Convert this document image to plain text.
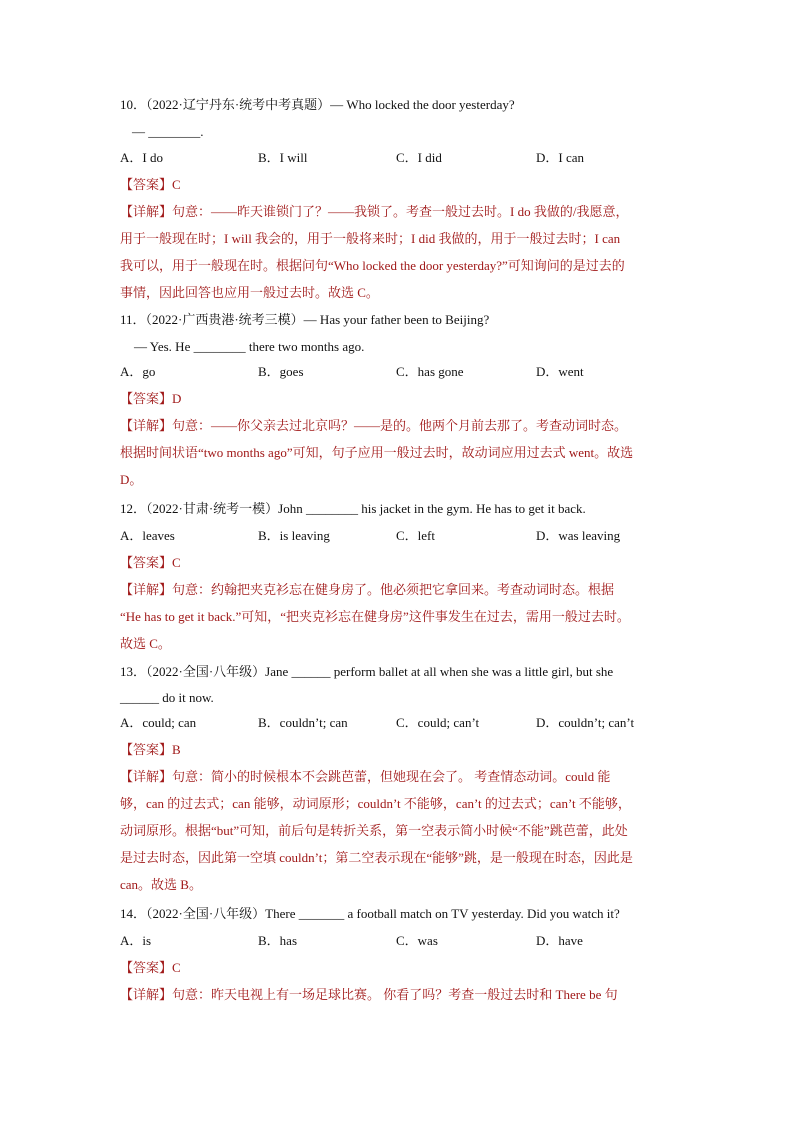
10．（2022·辽宁丹东·统考中考真题）— Who locked the door yesterday?
— ________.
A．I do	B．I will	C．I did	D．I can
【答案】C
【详解】句意：——昨天谁锁门了？——我锁了。考查一般过去时。I do 我做的/我愿意，
用于一般现在时；I will 我会的，用于一般将来时；I did 我做的，用于一般过去时；I can
我可以，用于一般现在时。根据问句“Who locked the door yesterday?”可知询问的是过去的
事情，因此回答也应用一般过去时。故选 C。
11．（2022·广西贵港·统考三模）— Has your father been to Beijing?
— Yes. He ________ there two months ago.
A．go	B．goes	C．has gone	D．went
【答案】D
【详解】句意：——你父亲去过北京吗？——是的。他两个月前去那了。考查动词时态。
根据时间状语“two months ago”可知，句子应用一般过去时，故动词应用过去式 went。故选
D。
12．（2022·甘肃·统考一模）John ________ his jacket in the gym. He has to get it back.
A．leaves	B．is leaving	C．left	D．was leaving
【答案】C
【详解】句意：约翰把夹克衫忘在健身房了。他必须把它拿回来。考查动词时态。根据
“He has to get it back.”可知，“把夹克衫忘在健身房”这件事发生在过去，需用一般过去时。
故选 C。
13．（2022·全国·八年级）Jane ______ perform ballet at all when she was a little girl, but she
______ do it now.
A．could; can	B．couldn’t; can	C．could; can’t	D．couldn’t; can’t
【答案】B
【详解】句意：简小的时候根本不会跳芭蕾，但她现在会了。 考查情态动词。could 能
够，can 的过去式；can 能够，动词原形；couldn’t 不能够，can’t 的过去式；can’t 不能够，
动词原形。根据“but”可知，前后句是转折关系，第一空表示简小时候“不能”跳芭蕾，此处
是过去时态，因此第一空填 couldn’t；第二空表示现在“能够”跳，是一般现在时态，因此是
can。故选 B。
14．（2022·全国·八年级）There _______ a football match on TV yesterday. Did you watch it?
A．is	B．has	C．was	D．have
【答案】C
【详解】句意：昨天电视上有一场足球比赛。 你看了吗？考查一般过去时和 There be 句
